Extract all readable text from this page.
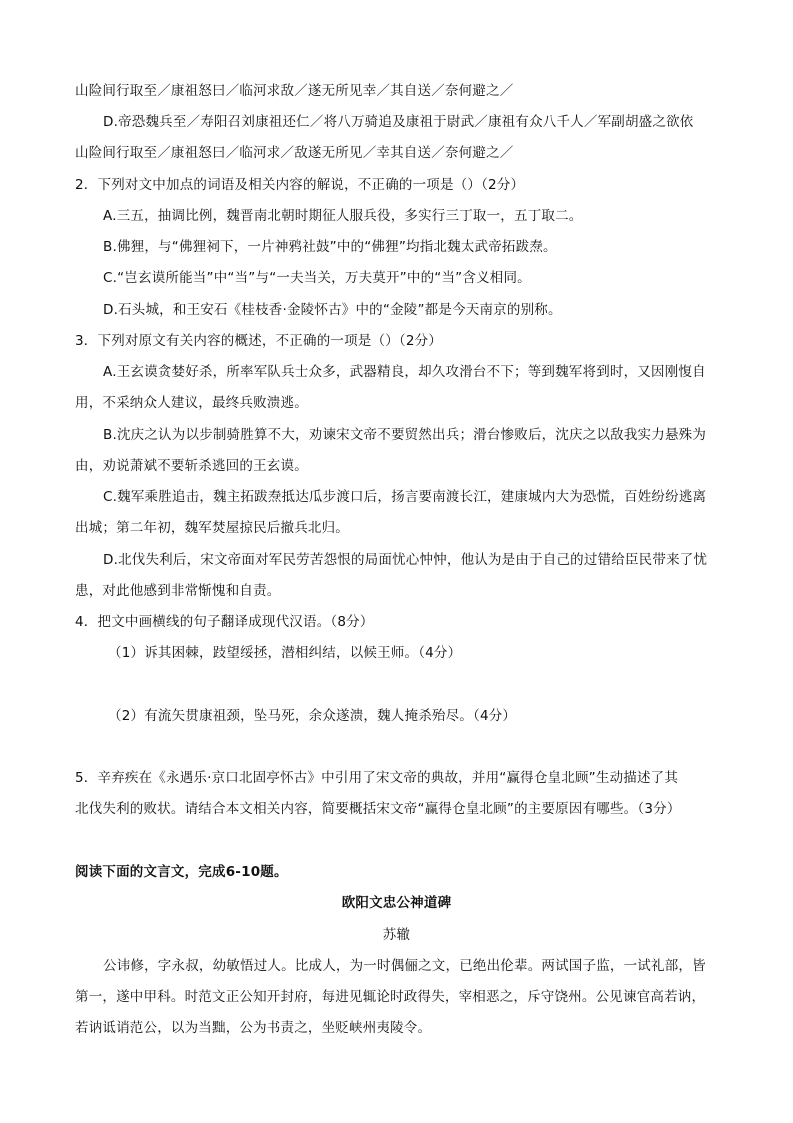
山险间行取至／康祖怒曰／临河求敌／遂无所见幸／其自送／奈何避之／
D.帝恐魏兵至／寿阳召刘康祖还仁／将八万骑追及康祖于尉武／康祖有众八千人／军副胡盛之欲依
山险间行取至／康祖怒曰／临河求／敌遂无所见／幸其自送／奈何避之／
2．下列对文中加点的词语及相关内容的解说，不正确的一项是（）（2分）
A.三五，抽调比例，魏晋南北朝时期征人服兵役，多实行三丁取一，五丁取二。
B.佛狸，与“佛狸祠下，一片神鸦社鼓”中的“佛狸”均指北魏太武帝拓跋焘。
C.“岂玄谟所能当”中“当”与“一夫当关，万夫莫开”中的“当”含义相同。
D.石头城，和王安石《桂枝香·金陵怀古》中的“金陵”都是今天南京的别称。
3．下列对原文有关内容的概述，不正确的一项是（）（2分）
A.王玄谟贪婪好杀，所率军队兵士众多，武器精良，却久攻滑台不下；等到魏军将到时，又因刚愎自
用，不采纳众人建议，最终兵败溃逃。
B.沈庆之认为以步制骑胜算不大，劝谏宋文帝不要贸然出兵；滑台惨败后，沈庆之以敌我实力悬殊为
由，劝说萧斌不要斩杀逃回的王玄谟。
C.魏军乘胜追击，魏主拓跋焘抵达瓜步渡口后，扬言要南渡长江，建康城内大为恐慌，百姓纷纷逃离
出城；第二年初，魏军焚屋掠民后撤兵北归。
D.北伐失利后，宋文帝面对军民劳苦怨恨的局面忧心忡忡，他认为是由于自己的过错给臣民带来了忧
患，对此他感到非常惭愧和自责。
4．把文中画横线的句子翻译成现代汉语。（8分）
（1）诉其困棘，跂望绥拯，潜相纠结，以候王师。（4分）
（2）有流矢贯康祖颈，坠马死，余众遂溃，魏人掩杀殆尽。（4分）
5．辛弃疾在《永遇乐·京口北固亭怀古》中引用了宋文帝的典故，并用“赢得仓皇北顾”生动描述了其
北伐失利的败状。请结合本文相关内容，简要概括宋文帝“赢得仓皇北顾”的主要原因有哪些。（3分）
阅读下面的文言文，完成6-10题。
欧阳文忠公神道碑
苏辙
公讳修，字永叔，幼敏悟过人。比成人，为一时偶俪之文，已绝出伦辈。两试国子监，一试礼部，皆
第一，遂中甲科。时范文正公知开封府，每进见辄论时政得失，宰相恶之，斥守饶州。公见谏官高若讷，
若讷诋诮范公，以为当黜，公为书责之，坐贬峡州夷陵令。
